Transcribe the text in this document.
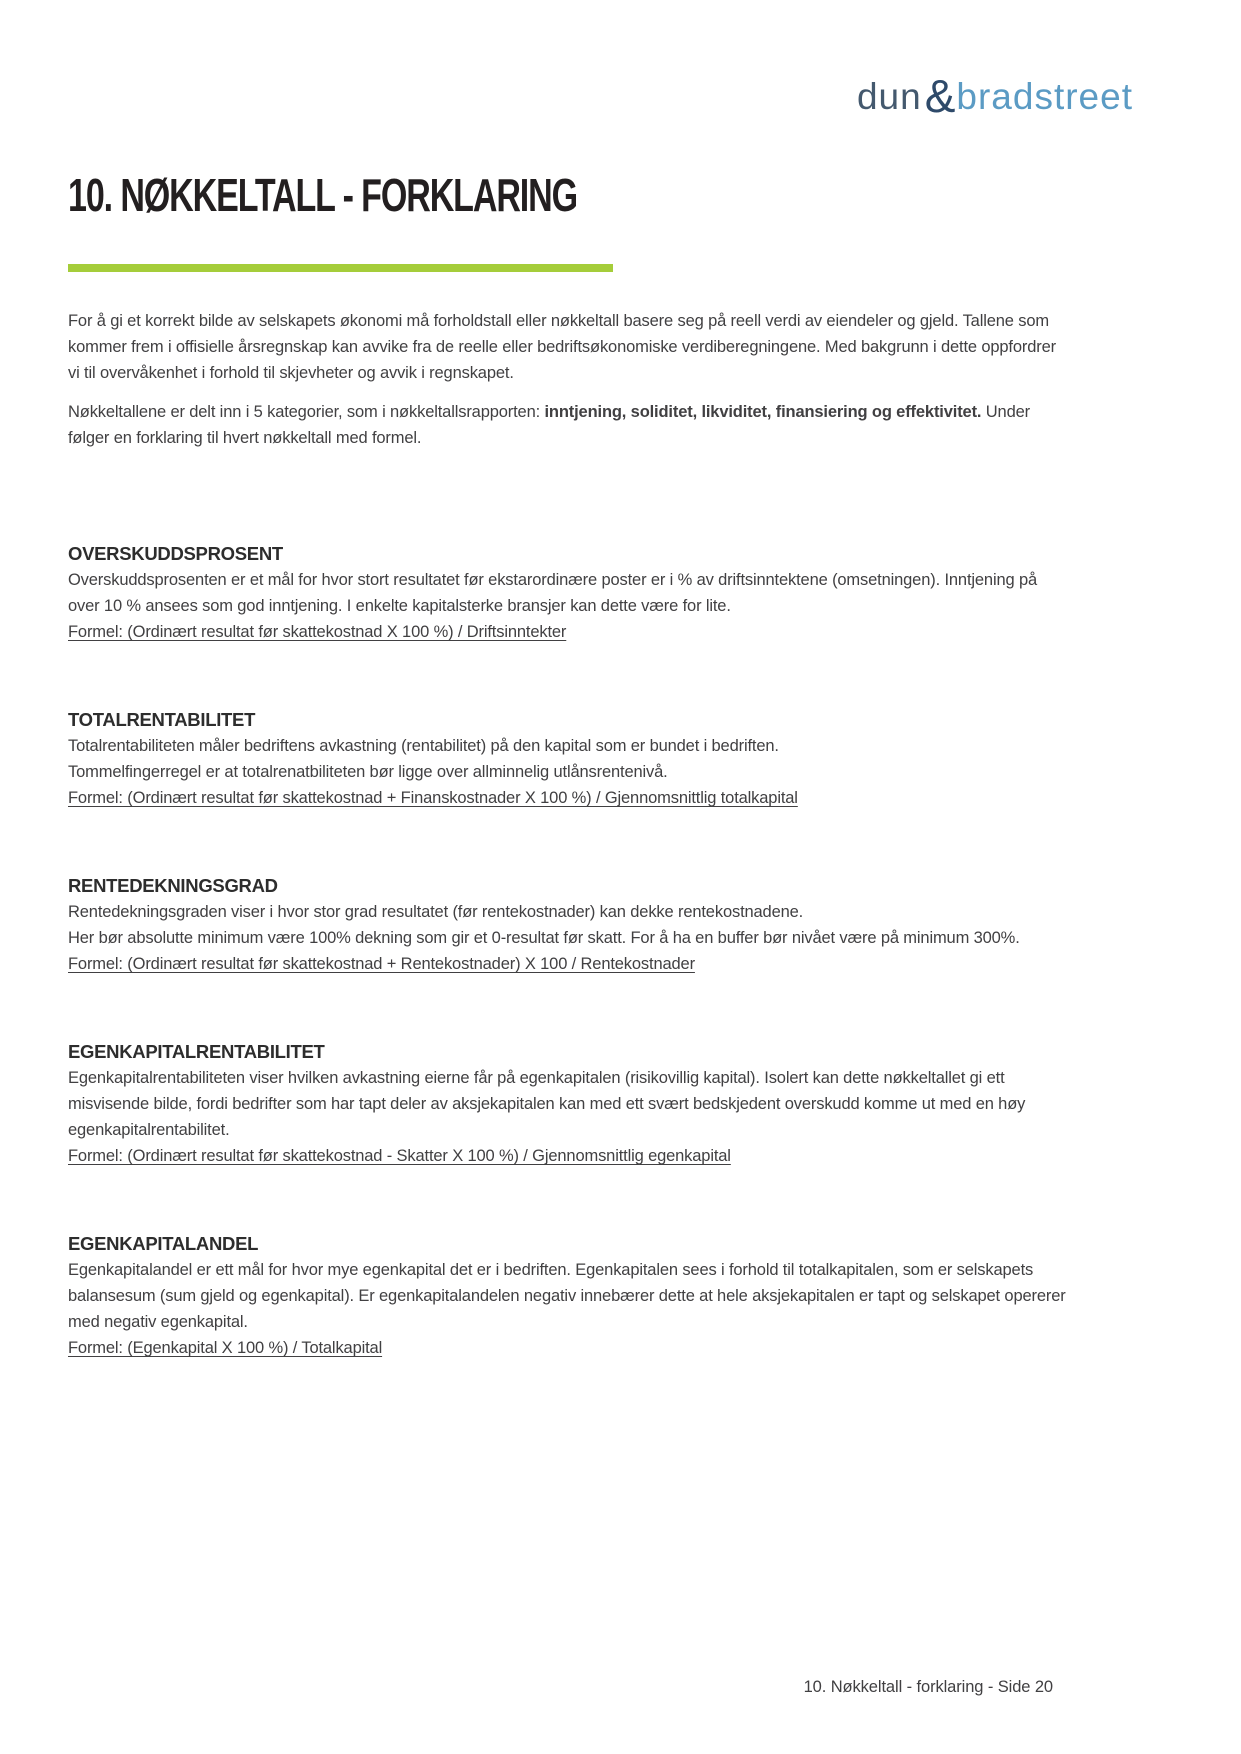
dun & bradstreet
10. NØKKELTALL - FORKLARING

For å gi et korrekt bilde av selskapets økonomi må forholdstall eller nøkkeltall basere seg på reell verdi av eiendeler og gjeld. Tallene som kommer frem i offisielle årsregnskap kan avvike fra de reelle eller bedriftsøkonomiske verdiberegningene. Med bakgrunn i dette oppfordrer vi til overvåkenhet i forhold til skjevheter og avvik i regnskapet.

Nøkkeltallene er delt inn i 5 kategorier, som i nøkkeltallsrapporten: inntjening, soliditet, likviditet, finansiering og effektivitet. Under følger en forklaring til hvert nøkkeltall med formel.

OVERSKUDDSPROSENT

Overskuddsprosenten er et mål for hvor stort resultatet før ekstarordinære poster er i % av driftsinntektene (omsetningen). Inntjening på over 10 % ansees som god inntjening. I enkelte kapitalsterke bransjer kan dette være for lite.

Formel: (Ordinært resultat før skattekostnad X 100 %) / Driftsinntekter
TOTALRENTABILITET

Totalrentabiliteten måler bedriftens avkastning (rentabilitet) på den kapital som er bundet i bedriften.

Tommelfingerregel er at totalrenatbiliteten bør ligge over allminnelig utlånsrentenivå.

Formel: (Ordinært resultat før skattekostnad + Finanskostnader X 100 %) / Gjennomsnittlig totalkapital
RENTEDEKNINGSGRAD

Rentedekningsgraden viser i hvor stor grad resultatet (før rentekostnader) kan dekke rentekostnadene.

Her bør absolutte minimum være 100% dekning som gir et 0-resultat før skatt. For å ha en buffer bør nivået være på minimum 300%.

Formel: (Ordinært resultat før skattekostnad + Rentekostnader) X 100 / Rentekostnader
EGENKAPITALRENTABILITET

Egenkapitalrentabiliteten viser hvilken avkastning eierne får på egenkapitalen (risikovillig kapital). Isolert kan dette nøkkeltallet gi ett misvisende bilde, fordi bedrifter som har tapt deler av aksjekapitalen kan med ett svært bedskjedent overskudd komme ut med en høy egenkapitalrentabilitet.

Formel: (Ordinært resultat før skattekostnad - Skatter X 100 %) / Gjennomsnittlig egenkapital
EGENKAPITALANDEL

Egenkapitalandel er ett mål for hvor mye egenkapital det er i bedriften. Egenkapitalen sees i forhold til totalkapitalen, som er selskapets balansesum (sum gjeld og egenkapital). Er egenkapitalandelen negativ innebærer dette at hele aksjekapitalen er tapt og selskapet opererer med negativ egenkapital.

Formel: (Egenkapital X 100 %) / Totalkapital
10. Nøkkeltall - forklaring - Side 20
